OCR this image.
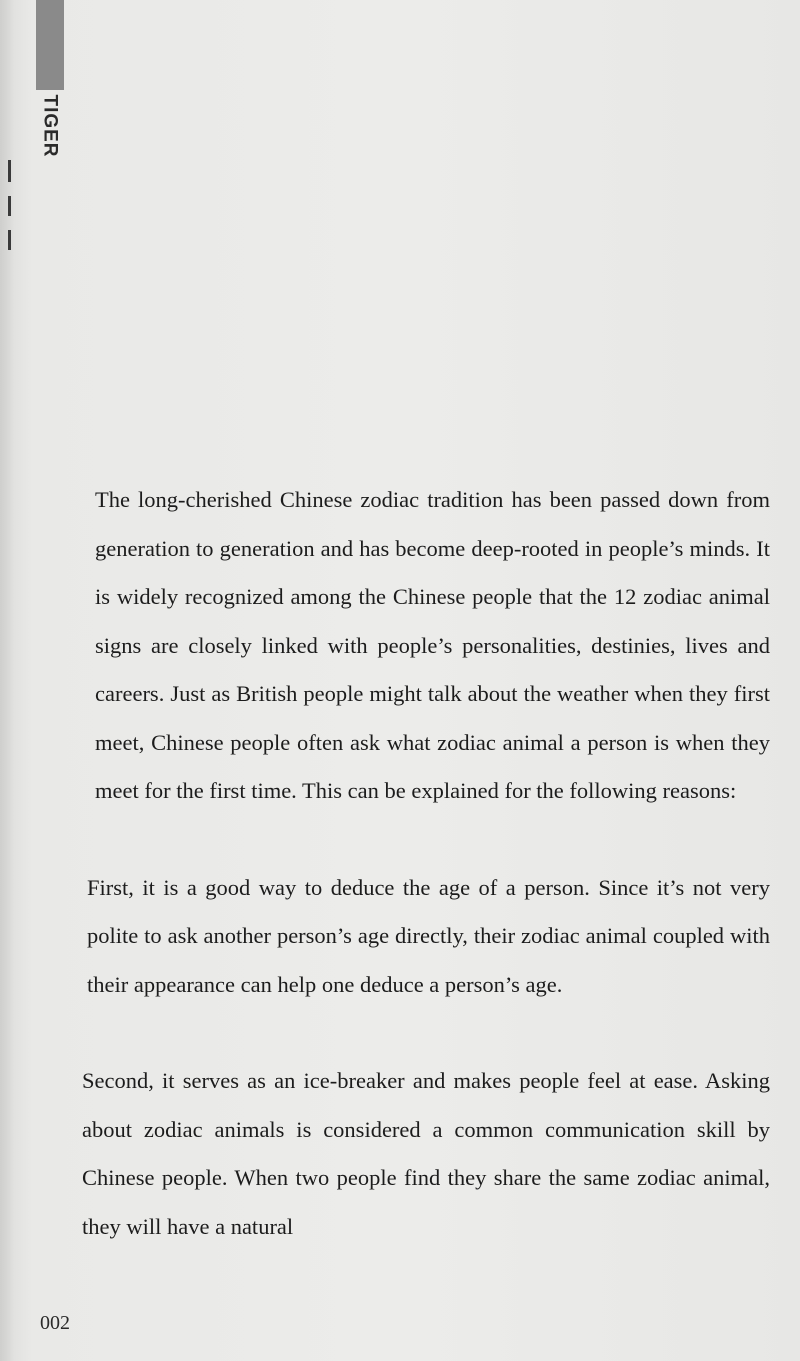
TIGER

The long-cherished Chinese zodiac tradition has been passed down from generation to generation and has become deep-rooted in people’s minds. It is widely recognized among the Chinese people that the 12 zodiac animal signs are closely linked with people’s personalities, destinies, lives and careers. Just as British people might talk about the weather when they first meet, Chinese people often ask what zodiac animal a person is when they meet for the first time. This can be explained for the following reasons:

First, it is a good way to deduce the age of a person. Since it’s not very polite to ask another person’s age directly, their zodiac animal coupled with their appearance can help one deduce a person’s age.

Second, it serves as an ice-breaker and makes people feel at ease. Asking about zodiac animals is considered a common communication skill by Chinese people. When two people find they share the same zodiac animal, they will have a natural

002
